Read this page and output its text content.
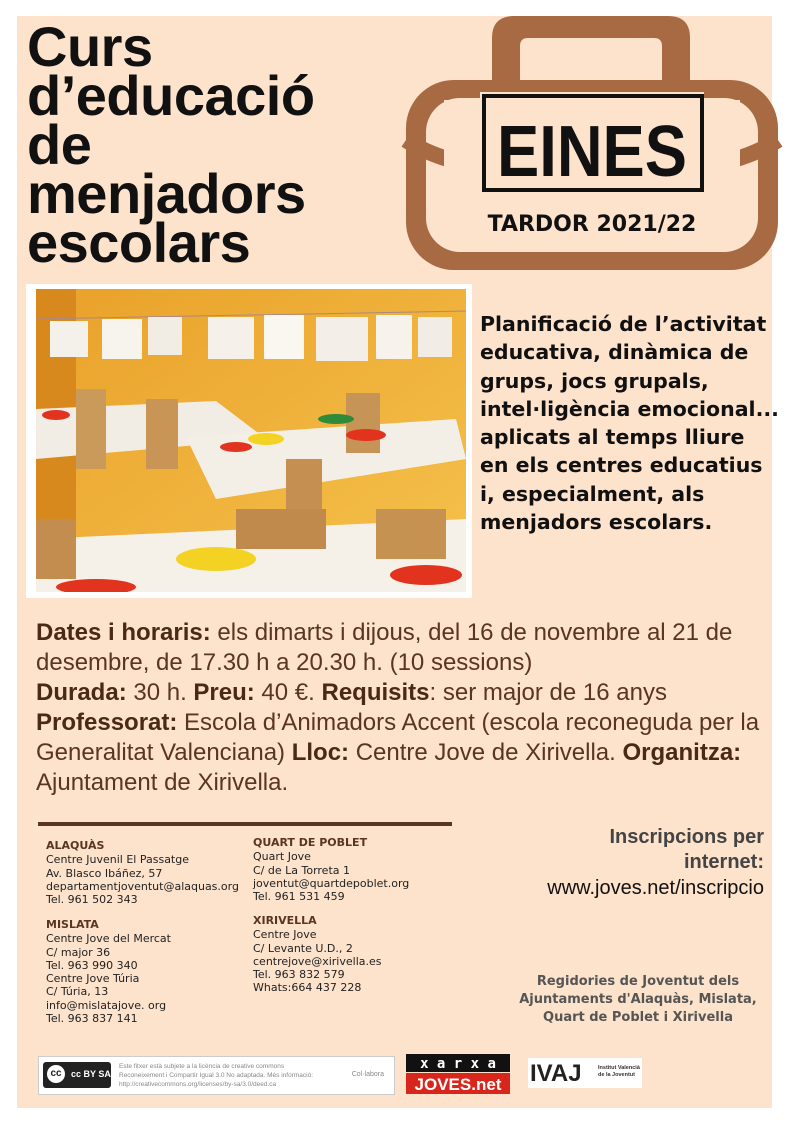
Curs
d’educació
de
menjadors
escolars
EINES
TARDOR 2021/22

Planificació de l’activitat educativa, dinàmica de grups, jocs grupals, intel·ligència emocional... aplicats al temps lliure en els centres educatius i, especialment, als menjadors escolars.

Dates i horaris: els dimarts i dijous, del 16 de novembre al 21 de desembre, de 17.30 h a 20.30 h. (10 sessions)
Durada: 30 h. Preu: 40 €. Requisits: ser major de 16 anys
Professorat: Escola d’Animadors Accent (escola reconeguda per la Generalitat Valenciana) Lloc: Centre Jove de Xirivella. Organitza: Ajuntament de Xirivella.

ALAQUÀS
Centre Juvenil El Passatge
Av. Blasco Ibáñez, 57
departamentjoventut@alaquas.org
Tel. 961 502 343
MISLATA
Centre Jove del Mercat
C/ major 36
Tel. 963 990 340
Centre Jove Túria
C/ Túria, 13
info@mislatajove. org
Tel. 963 837 141
QUART DE POBLET
Quart Jove
C/ de La Torreta 1
joventut@quartdepoblet.org
Tel. 961 531 459
XIRIVELLA
Centre Jove
C/ Levante U.D., 2
centrejove@xirivella.es
Tel. 963 832 579
Whats:664 437 228
Inscripcions per
internet:
www.joves.net/inscripcio
Regidories de Joventut dels Ajuntaments d'Alaquàs, Mislata, Quart de Poblet i Xirivella
cc	cc BY SA
Este fitxer està subjete a la licència de creative commons
Reconeixement i Compartir Igual 3.0 No adaptada. Més informació:
http://creativecommons.org/licenses/by-sa/3.0/deed.ca
Col·labora
x a r x a
JOVES.net IVAJ	Institut Valencià
de la Joventut
